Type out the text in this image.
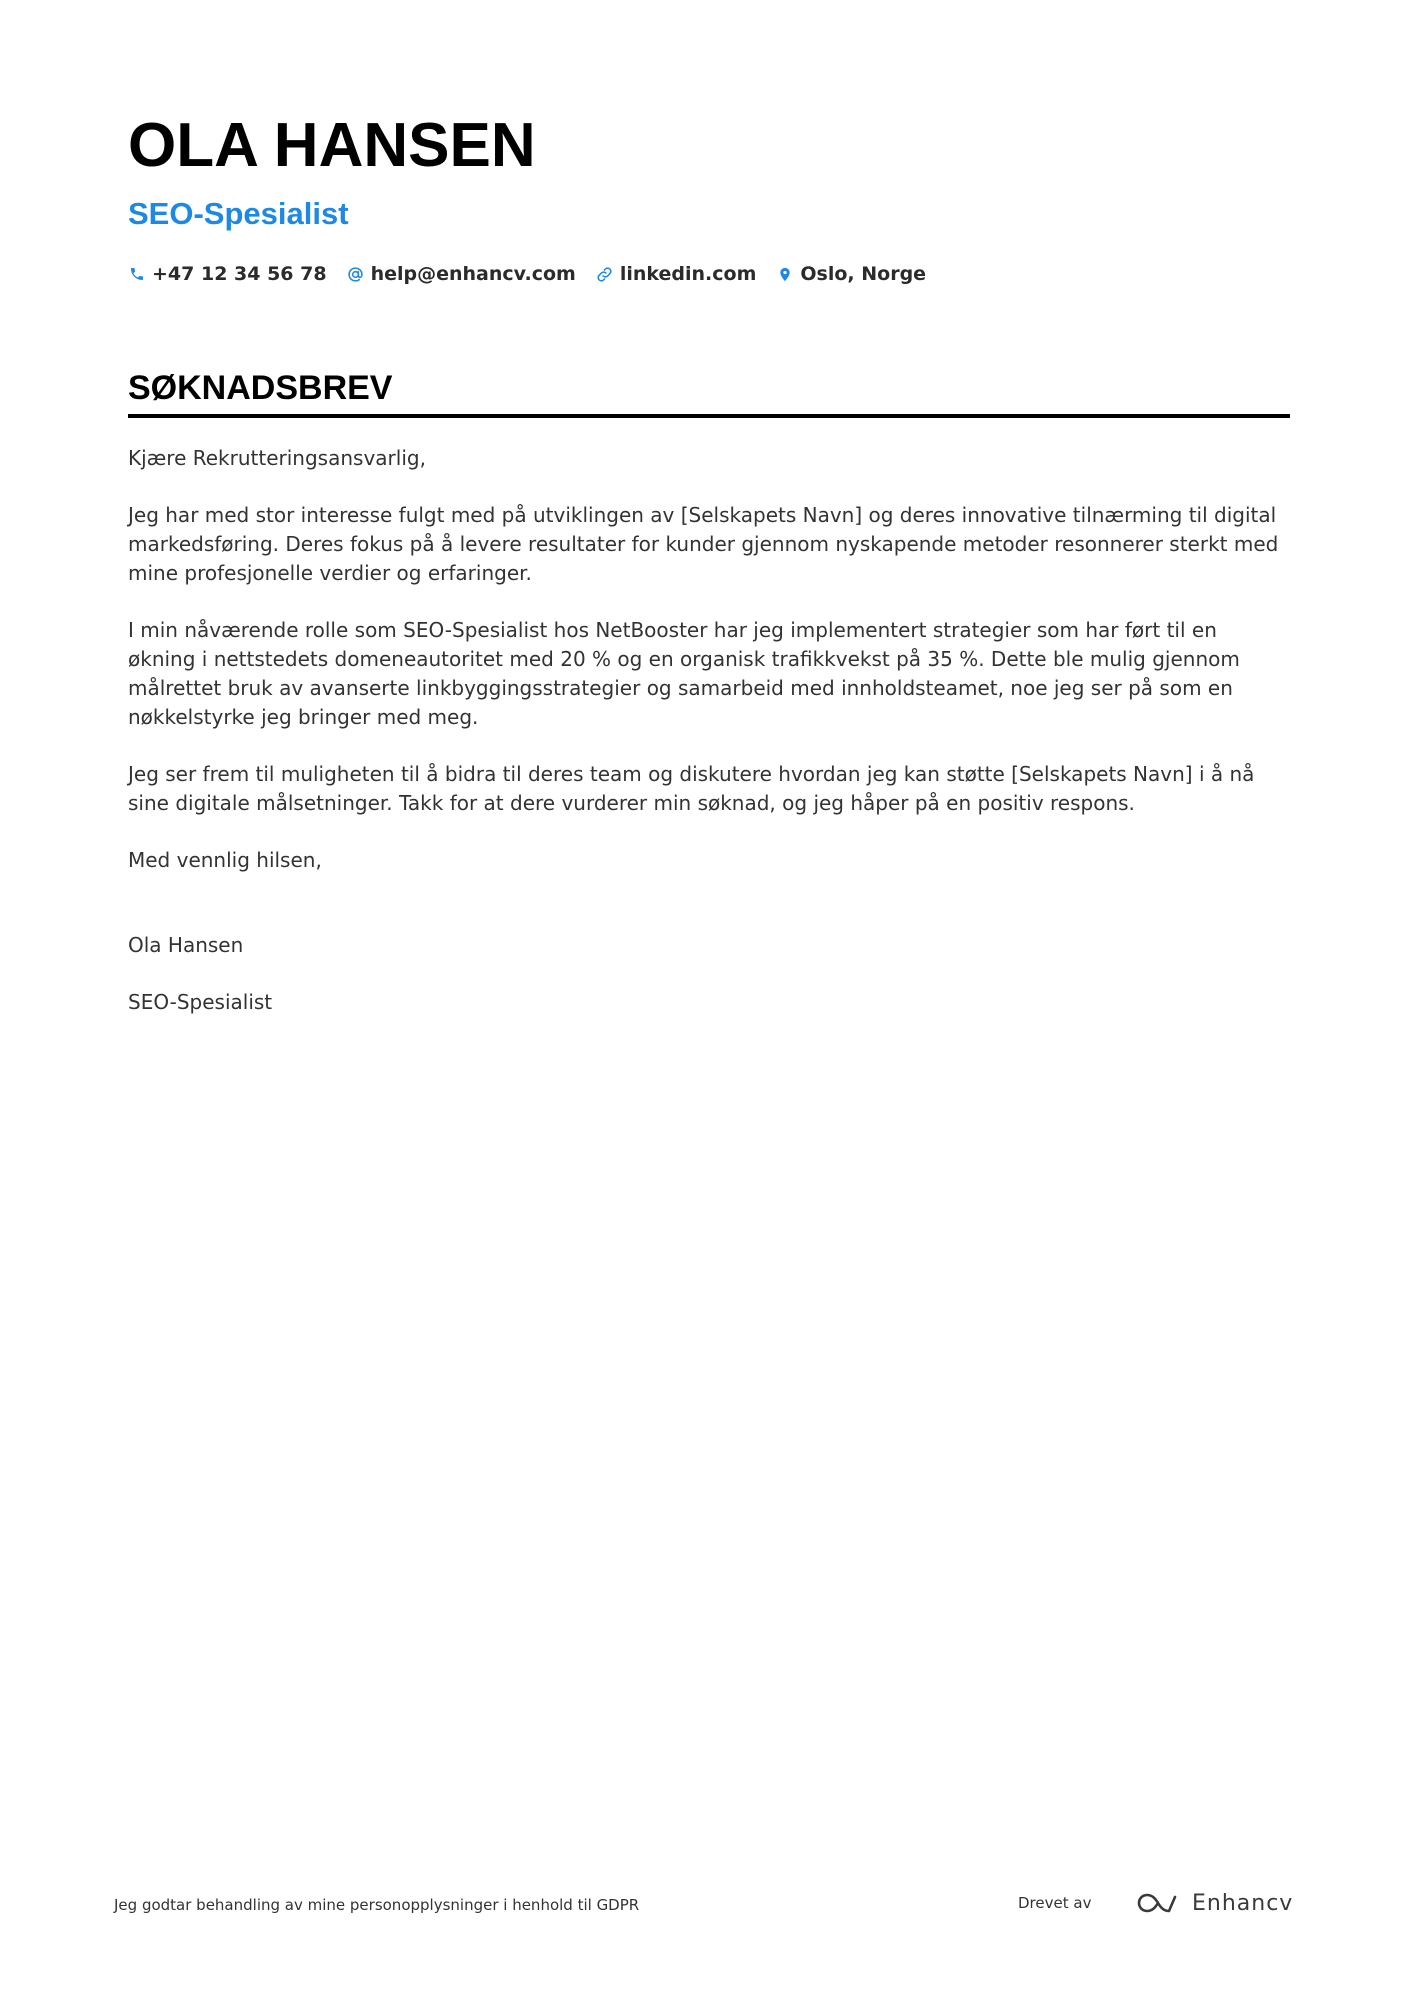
OLA HANSEN
SEO-Spesialist
+47 12 34 56 78 help@enhancv.com linkedin.com Oslo, Norge
SØKNADSBREV

Kjære Rekrutteringsansvarlig,

Jeg har med stor interesse fulgt med på utviklingen av [Selskapets Navn] og deres innovative tilnærming til digital markedsføring. Deres fokus på å levere resultater for kunder gjennom nyskapende metoder resonnerer sterkt med mine profesjonelle verdier og erfaringer.

I min nåværende rolle som SEO-Spesialist hos NetBooster har jeg implementert strategier som har ført til en økning i nettstedets domeneautoritet med 20 % og en organisk trafikkvekst på 35 %. Dette ble mulig gjennom målrettet bruk av avanserte linkbyggingsstrategier og samarbeid med innholdsteamet, noe jeg ser på som en nøkkelstyrke jeg bringer med meg.

Jeg ser frem til muligheten til å bidra til deres team og diskutere hvordan jeg kan støtte [Selskapets Navn] i å nå sine digitale målsetninger. Takk for at dere vurderer min søknad, og jeg håper på en positiv respons.

Med vennlig hilsen,

Ola Hansen

SEO-Spesialist

Jeg godtar behandling av mine personopplysninger i henhold til GDPR	Drevet av	Enhancv
